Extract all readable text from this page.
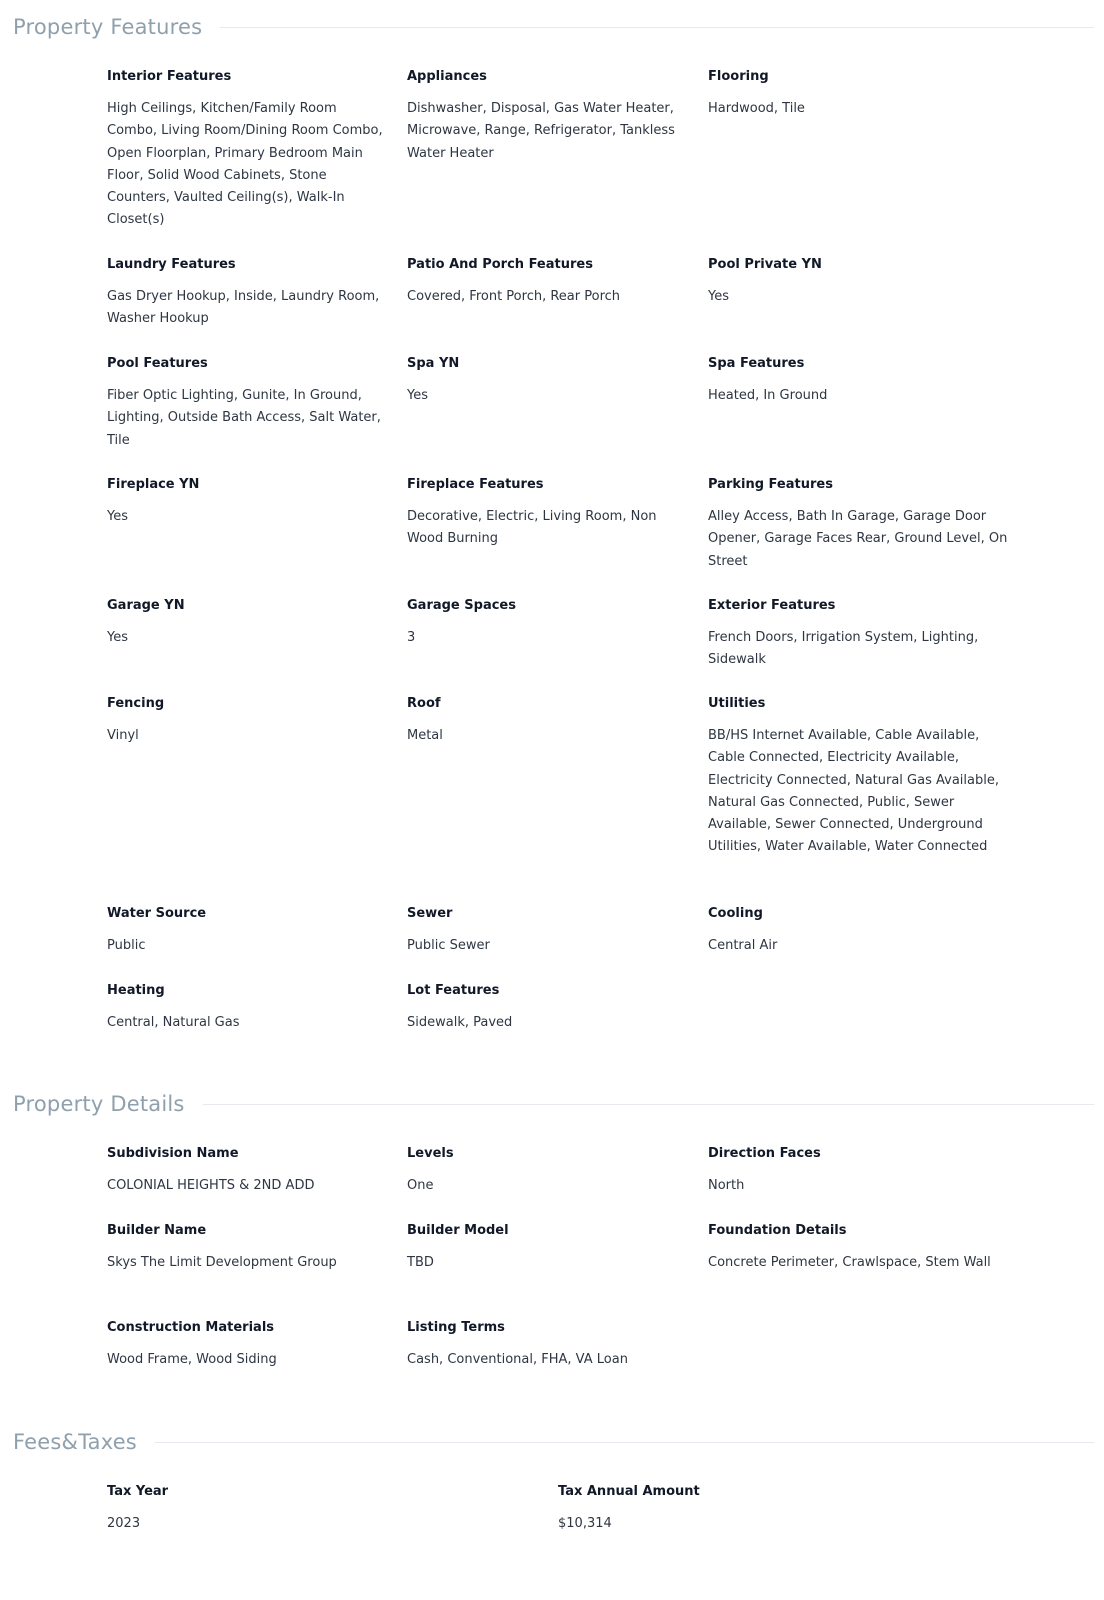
Property Features
Interior Features
High Ceilings, Kitchen/Family Room Combo, Living Room/Dining Room Combo, Open Floorplan, Primary Bedroom Main Floor, Solid Wood Cabinets, Stone Counters, Vaulted Ceiling(s), Walk-In Closet(s)
Appliances
Dishwasher, Disposal, Gas Water Heater, Microwave, Range, Refrigerator, Tankless Water Heater
Flooring
Hardwood, Tile
Laundry Features
Gas Dryer Hookup, Inside, Laundry Room, Washer Hookup
Patio And Porch Features
Covered, Front Porch, Rear Porch
Pool Private YN
Yes
Pool Features
Fiber Optic Lighting, Gunite, In Ground, Lighting, Outside Bath Access, Salt Water, Tile
Spa YN
Yes
Spa Features
Heated, In Ground
Fireplace YN
Yes
Fireplace Features
Decorative, Electric, Living Room, Non Wood Burning
Parking Features
Alley Access, Bath In Garage, Garage Door Opener, Garage Faces Rear, Ground Level, On Street
Garage YN
Yes
Garage Spaces
3
Exterior Features
French Doors, Irrigation System, Lighting, Sidewalk
Fencing
Vinyl
Roof
Metal
Utilities
BB/HS Internet Available, Cable Available, Cable Connected, Electricity Available, Electricity Connected, Natural Gas Available, Natural Gas Connected, Public, Sewer Available, Sewer Connected, Underground Utilities, Water Available, Water Connected
Water Source
Public
Sewer
Public Sewer
Cooling
Central Air
Heating
Central, Natural Gas
Lot Features
Sidewalk, Paved
Property Details
Subdivision Name
COLONIAL HEIGHTS & 2ND ADD
Levels
One
Direction Faces
North
Builder Name
Skys The Limit Development Group
Builder Model
TBD
Foundation Details
Concrete Perimeter, Crawlspace, Stem Wall
Construction Materials
Wood Frame, Wood Siding
Listing Terms
Cash, Conventional, FHA, VA Loan
Fees&Taxes
Tax Year
2023
Tax Annual Amount
$10,314
